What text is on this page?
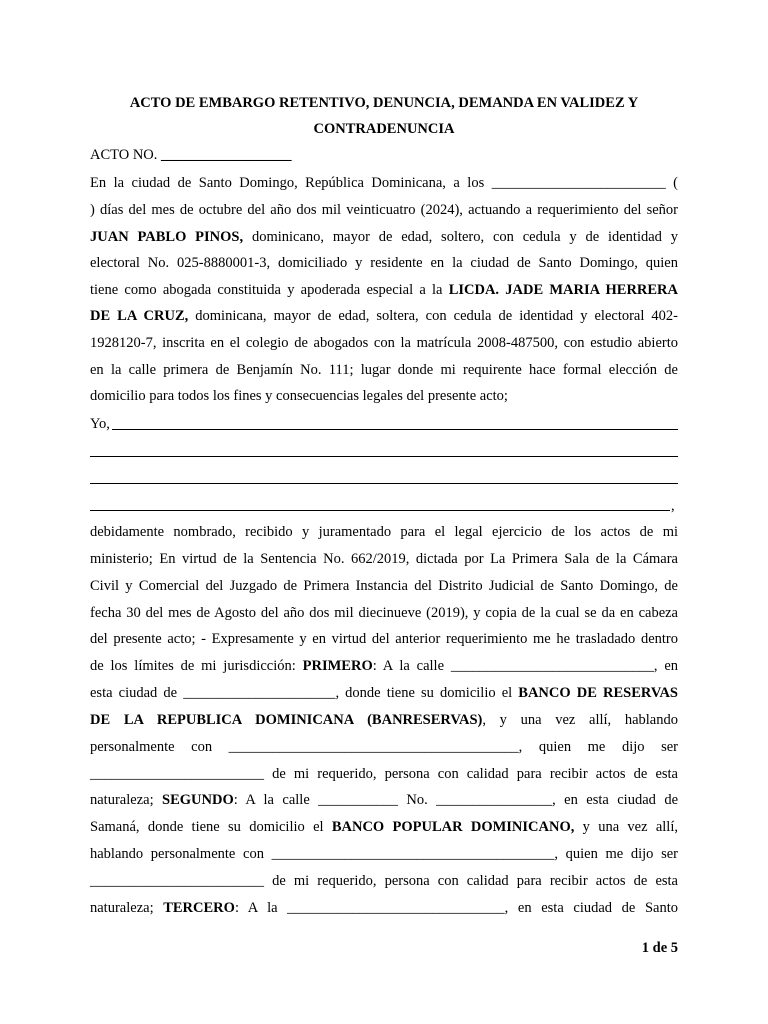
ACTO DE EMBARGO RETENTIVO, DENUNCIA, DEMANDA EN VALIDEZ Y
CONTRADENUNCIA
ACTO NO. __________________
En la ciudad de Santo Domingo, República Dominicana, a los ________________________ (
) días del mes de octubre del año dos mil veinticuatro (2024), actuando a requerimiento del señor
JUAN PABLO PINOS, dominicano, mayor de edad, soltero, con cedula y de identidad y
electoral No. 025-8880001-3, domiciliado y residente en la ciudad de Santo Domingo, quien
tiene como abogada constituida y apoderada especial a la LICDA. JADE MARIA HERRERA
DE LA CRUZ, dominicana, mayor de edad, soltera, con cedula de identidad y electoral 402-
1928120-7, inscrita en el colegio de abogados con la matrícula 2008-487500, con estudio abierto
en la calle primera de Benjamín No. 111; lugar donde mi requirente hace formal elección de
domicilio para todos los fines y consecuencias legales del presente acto;
Yo,
,
debidamente nombrado, recibido y juramentado para el legal ejercicio de los actos de mi
ministerio; En virtud de la Sentencia No. 662/2019, dictada por La Primera Sala de la Cámara
Civil y Comercial del Juzgado de Primera Instancia del Distrito Judicial de Santo Domingo, de
fecha 30 del mes de Agosto del año dos mil diecinueve (2019), y copia de la cual se da en cabeza
del presente acto; - Expresamente y en virtud del anterior requerimiento me he trasladado dentro
de los límites de mi jurisdicción: PRIMERO: A la calle ____________________________, en
esta ciudad de _____________________, donde tiene su domicilio el BANCO DE RESERVAS
DE LA REPUBLICA DOMINICANA (BANRESERVAS), y una vez allí, hablando
personalmente con ________________________________________, quien me dijo ser
________________________ de mi requerido, persona con calidad para recibir actos de esta
naturaleza; SEGUNDO: A la calle ___________ No. ________________, en esta ciudad de
Samaná, donde tiene su domicilio el BANCO POPULAR DOMINICANO, y una vez allí,
hablando personalmente con _______________________________________, quien me dijo ser
________________________ de mi requerido, persona con calidad para recibir actos de esta
naturaleza; TERCERO: A la ______________________________, en esta ciudad de Santo
1 de 5
